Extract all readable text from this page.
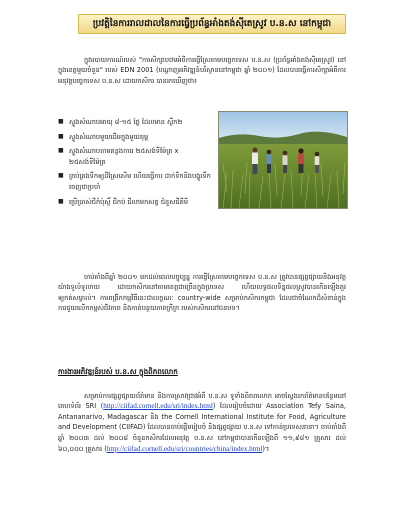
ប្រវត្តិនៃការរាលដាលនៃការធ្វើប្រព័ន្ធអាំងតង់ស៊ីតេស្រូវ ប.ន.ស នៅកម្ពុជា

ក្នុងរបាយការណ៍របស់ "ការសិក្សាបឋមអំពីការធ្វើស្រែតាមបច្ចេកទេស ប.ន.ស (ប្រព័ន្ធអាំងតង់ស៊ីតេស្រូវ) នៅក្នុងខេត្តមួយចំនួន" របស់ EDN 2001 (បណ្ដាញអភិវឌ្ឍន៍បរិស្ថាននៅកម្ពុជា ឆ្នាំ ២០០១) ដែលបានធ្វើការសិក្សាអំពីការអនុវត្តបច្ចេកទេស ប.ន.ស ដោយកសិករ បានរកឃើញថា៖

■ ស្ទូងសំណាបអាយុ ៨-១៥ ថ្ងៃ ដែលមាន ស្លឹក២
■ ស្ទូងសំណាបមួយដើមក្នុងមួយគុម្ព
■ ស្ទូងសំណាបតាមគន្លងការេ ២៥សង់ទីម៉ែត្រ x ២៥សង់ទីម៉ែត្រ
■ គ្រប់គ្រងទឹកឲ្យដីស្រែសើម ហើយធ្វើការ ដាក់ទឹកនិងបង្ហូរទឹកចេញជាប្រចាំ
■ ប្រើប្រាស់ជីកំប៉ុស្តិ៍ ជីកប់ ជីលាមកសត្វ ជំនួសជីគីមី

ចាប់តាំងពីឆ្នាំ ២០០១ មកដល់ពេលបច្ចុប្បន្ន ការធ្វើស្រែតាមបច្ចេកទេស ប.ន.ស ត្រូវបានផ្សព្វផ្សាយនិងអនុវត្តយ៉ាងទូលំទូលាយ ដោយកសិករនៅតាមខេត្តជាច្រើនក្នុងប្រទេស ហើយលទ្ធផលទិន្នផលស្រូវបានកើនឡើងគួរឲ្យកត់សម្គាល់។ ការពង្រីកកម្មវិធីនេះជាលក្ខណៈ country-wide សម្រាប់កសិករកម្ពុជា ដែលជាចំណែកដ៏សំខាន់ក្នុងការជួយលើកកម្ពស់ជីវភាព និងកាត់បន្ថយភាពក្រីក្រ របស់កសិករនៅជនបទ។

ការងារអភិវឌ្ឍន៍របស់ ប.ន.ស ក្នុងពិភពលោក

សម្រាប់ការផ្សព្វផ្សាយព័ត៌មាន និងការស្រាវជ្រាវអំពី ប.ន.ស ទូទាំងពិភពលោក អាចស្វែងរកព័ត៌មានបន្ថែមនៅគេហទំព័រ SRI (http://ciifad.cornell.edu/sri/index.html) ដែលរៀបចំដោយ Association Tefy Saina, Antananarivo, Madagascar និង the Cornell International Institute for Food, Agriculture and Development (CIIFAD) ដែលបានចាប់ផ្ដើមរៀបចំ និងផ្សព្វផ្សាយ ប.ន.ស ទៅកាន់ប្រទេសនានា។ ចាប់តាំងពីឆ្នាំ ២០០៣ ដល់ ២០០៨ ចំនួនកសិករដែលអនុវត្ត ប.ន.ស នៅកម្ពុជាបានកើនឡើងពី ១១,៩៨១ គ្រួសារ ដល់ ៦០,០០០ គ្រួសារ (http://ciifad.cornell.edu/sri/countries/china/index.html)។
